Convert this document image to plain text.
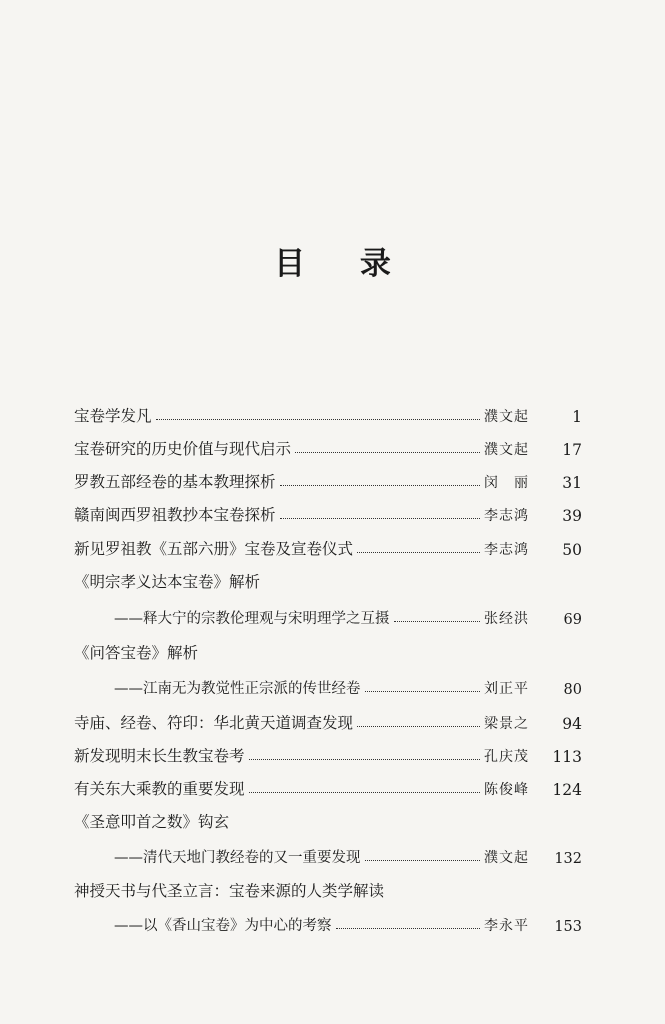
目 录
宝卷学发凡	濮文起	1
宝卷研究的历史价值与现代启示	濮文起	17
罗教五部经卷的基本教理探析	闵　丽	31
赣南闽西罗祖教抄本宝卷探析	李志鸿	39
新见罗祖教《五部六册》宝卷及宣卷仪式	李志鸿	50
《明宗孝义达本宝卷》解析
——释大宁的宗教伦理观与宋明理学之互摄	张经洪	69
《问答宝卷》解析
——江南无为教觉性正宗派的传世经卷	刘正平	80
寺庙、经卷、符印：华北黄天道调查发现	梁景之	94
新发现明末长生教宝卷考	孔庆茂	113
有关东大乘教的重要发现	陈俊峰	124
《圣意叩首之数》钩玄
——清代天地门教经卷的又一重要发现	濮文起	132
神授天书与代圣立言：宝卷来源的人类学解读
——以《香山宝卷》为中心的考察	李永平	153
